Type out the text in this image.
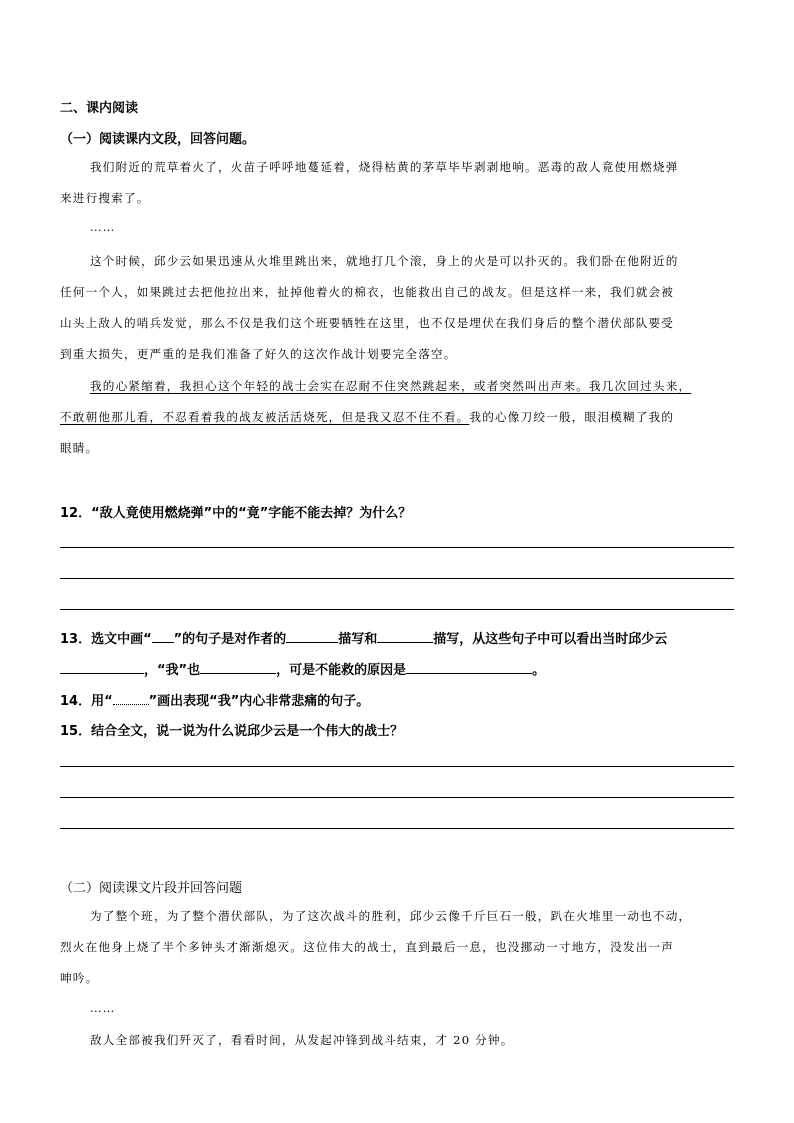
二、课内阅读
（一）阅读课内文段，回答问题。
我们附近的荒草着火了，火苗子呼呼地蔓延着，烧得枯黄的茅草毕毕剥剥地响。恶毒的敌人竟使用燃烧弹
来进行搜索了。
……
这个时候，邱少云如果迅速从火堆里跳出来，就地打几个滚，身上的火是可以扑灭的。我们卧在他附近的
任何一个人，如果跳过去把他拉出来，扯掉他着火的棉衣，也能救出自己的战友。但是这样一来，我们就会被
山头上敌人的哨兵发觉，那么不仅是我们这个班要牺牲在这里，也不仅是埋伏在我们身后的整个潜伏部队要受
到重大损失，更严重的是我们准备了好久的这次作战计划要完全落空。
我的心紧缩着，我担心这个年轻的战士会实在忍耐不住突然跳起来，或者突然叫出声来。我几次回过头来，
不敢朝他那儿看，不忍看着我的战友被活活烧死，但是我又忍不住不看。我的心像刀绞一般，眼泪模糊了我的
眼睛。
12．“敌人竟使用燃烧弹”中的“竟”字能不能去掉？为什么？
13．选文中画“ ”的句子是对作者的	描写和	描写，从这些句子中可以看出当时邱少云
，“我”也	，可是不能救的原因是	。
14．用“	”画出表现“我”内心非常悲痛的句子。
15．结合全文，说一说为什么说邱少云是一个伟大的战士？
（二）阅读课文片段并回答问题
为了整个班，为了整个潜伏部队，为了这次战斗的胜利，邱少云像千斤巨石一般，趴在火堆里一动也不动，
烈火在他身上烧了半个多钟头才渐渐熄灭。这位伟大的战士，直到最后一息，也没挪动一寸地方，没发出一声
呻吟。
……
敌人全部被我们歼灭了，看看时间，从发起冲锋到战斗结束，才 20 分钟。
